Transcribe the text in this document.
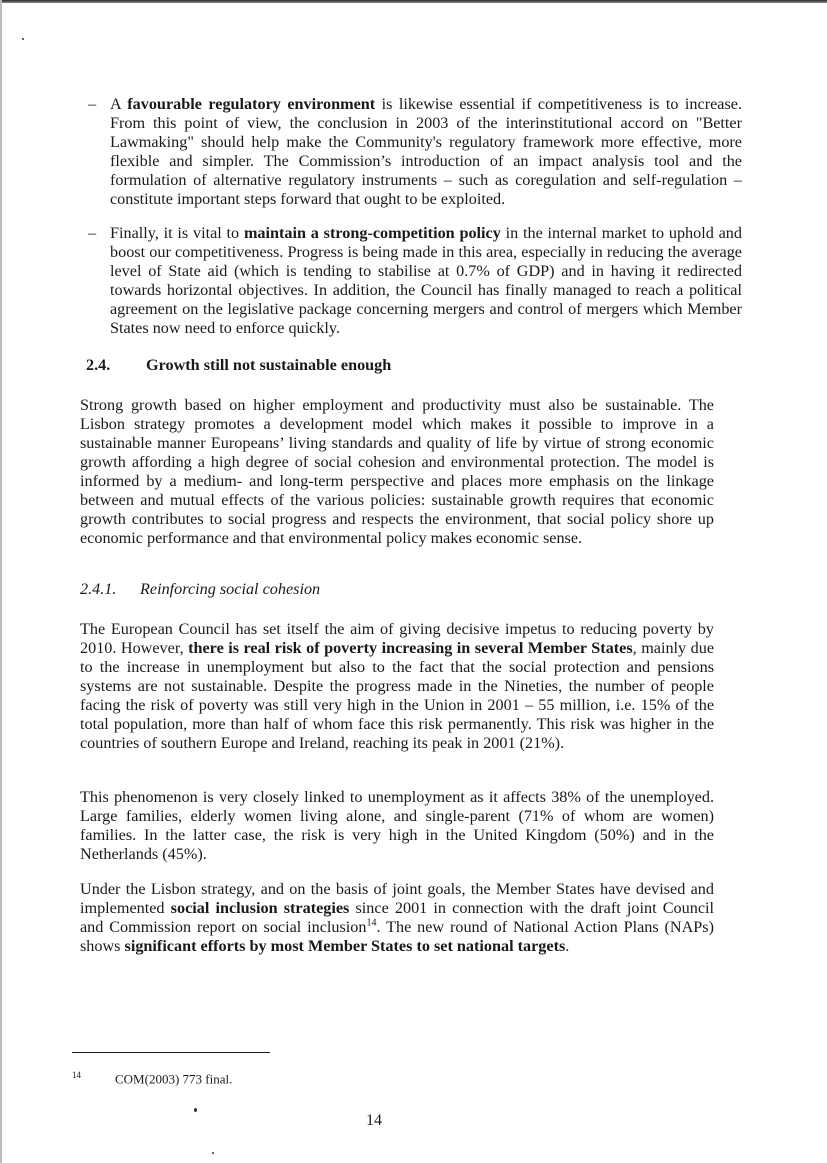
– A favourable regulatory environment is likewise essential if competitiveness is to increase. From this point of view, the conclusion in 2003 of the interinstitutional accord on "Better Lawmaking" should help make the Community's regulatory framework more effective, more flexible and simpler. The Commission’s introduction of an impact analysis tool and the formulation of alternative regulatory instruments – such as coregulation and self-regulation – constitute important steps forward that ought to be exploited.
– Finally, it is vital to maintain a strong-competition policy in the internal market to uphold and boost our competitiveness. Progress is being made in this area, especially in reducing the average level of State aid (which is tending to stabilise at 0.7% of GDP) and in having it redirected towards horizontal objectives. In addition, the Council has finally managed to reach a political agreement on the legislative package concerning mergers and control of mergers which Member States now need to enforce quickly.
2.4. Growth still not sustainable enough
Strong growth based on higher employment and productivity must also be sustainable. The Lisbon strategy promotes a development model which makes it possible to improve in a sustainable manner Europeans’ living standards and quality of life by virtue of strong economic growth affording a high degree of social cohesion and environmental protection. The model is informed by a medium- and long-term perspective and places more emphasis on the linkage between and mutual effects of the various policies: sustainable growth requires that economic growth contributes to social progress and respects the environment, that social policy shore up economic performance and that environmental policy makes economic sense.
2.4.1. Reinforcing social cohesion
The European Council has set itself the aim of giving decisive impetus to reducing poverty by 2010. However, there is real risk of poverty increasing in several Member States, mainly due to the increase in unemployment but also to the fact that the social protection and pensions systems are not sustainable. Despite the progress made in the Nineties, the number of people facing the risk of poverty was still very high in the Union in 2001 – 55 million, i.e. 15% of the total population, more than half of whom face this risk permanently. This risk was higher in the countries of southern Europe and Ireland, reaching its peak in 2001 (21%).
This phenomenon is very closely linked to unemployment as it affects 38% of the unemployed. Large families, elderly women living alone, and single-parent (71% of whom are women) families. In the latter case, the risk is very high in the United Kingdom (50%) and in the Netherlands (45%).
Under the Lisbon strategy, and on the basis of joint goals, the Member States have devised and implemented social inclusion strategies since 2001 in connection with the draft joint Council and Commission report on social inclusion$^{14}$. The new round of National Action Plans (NAPs) shows significant efforts by most Member States to set national targets.
$^{14}$	COM(2003) 773 final.
14
